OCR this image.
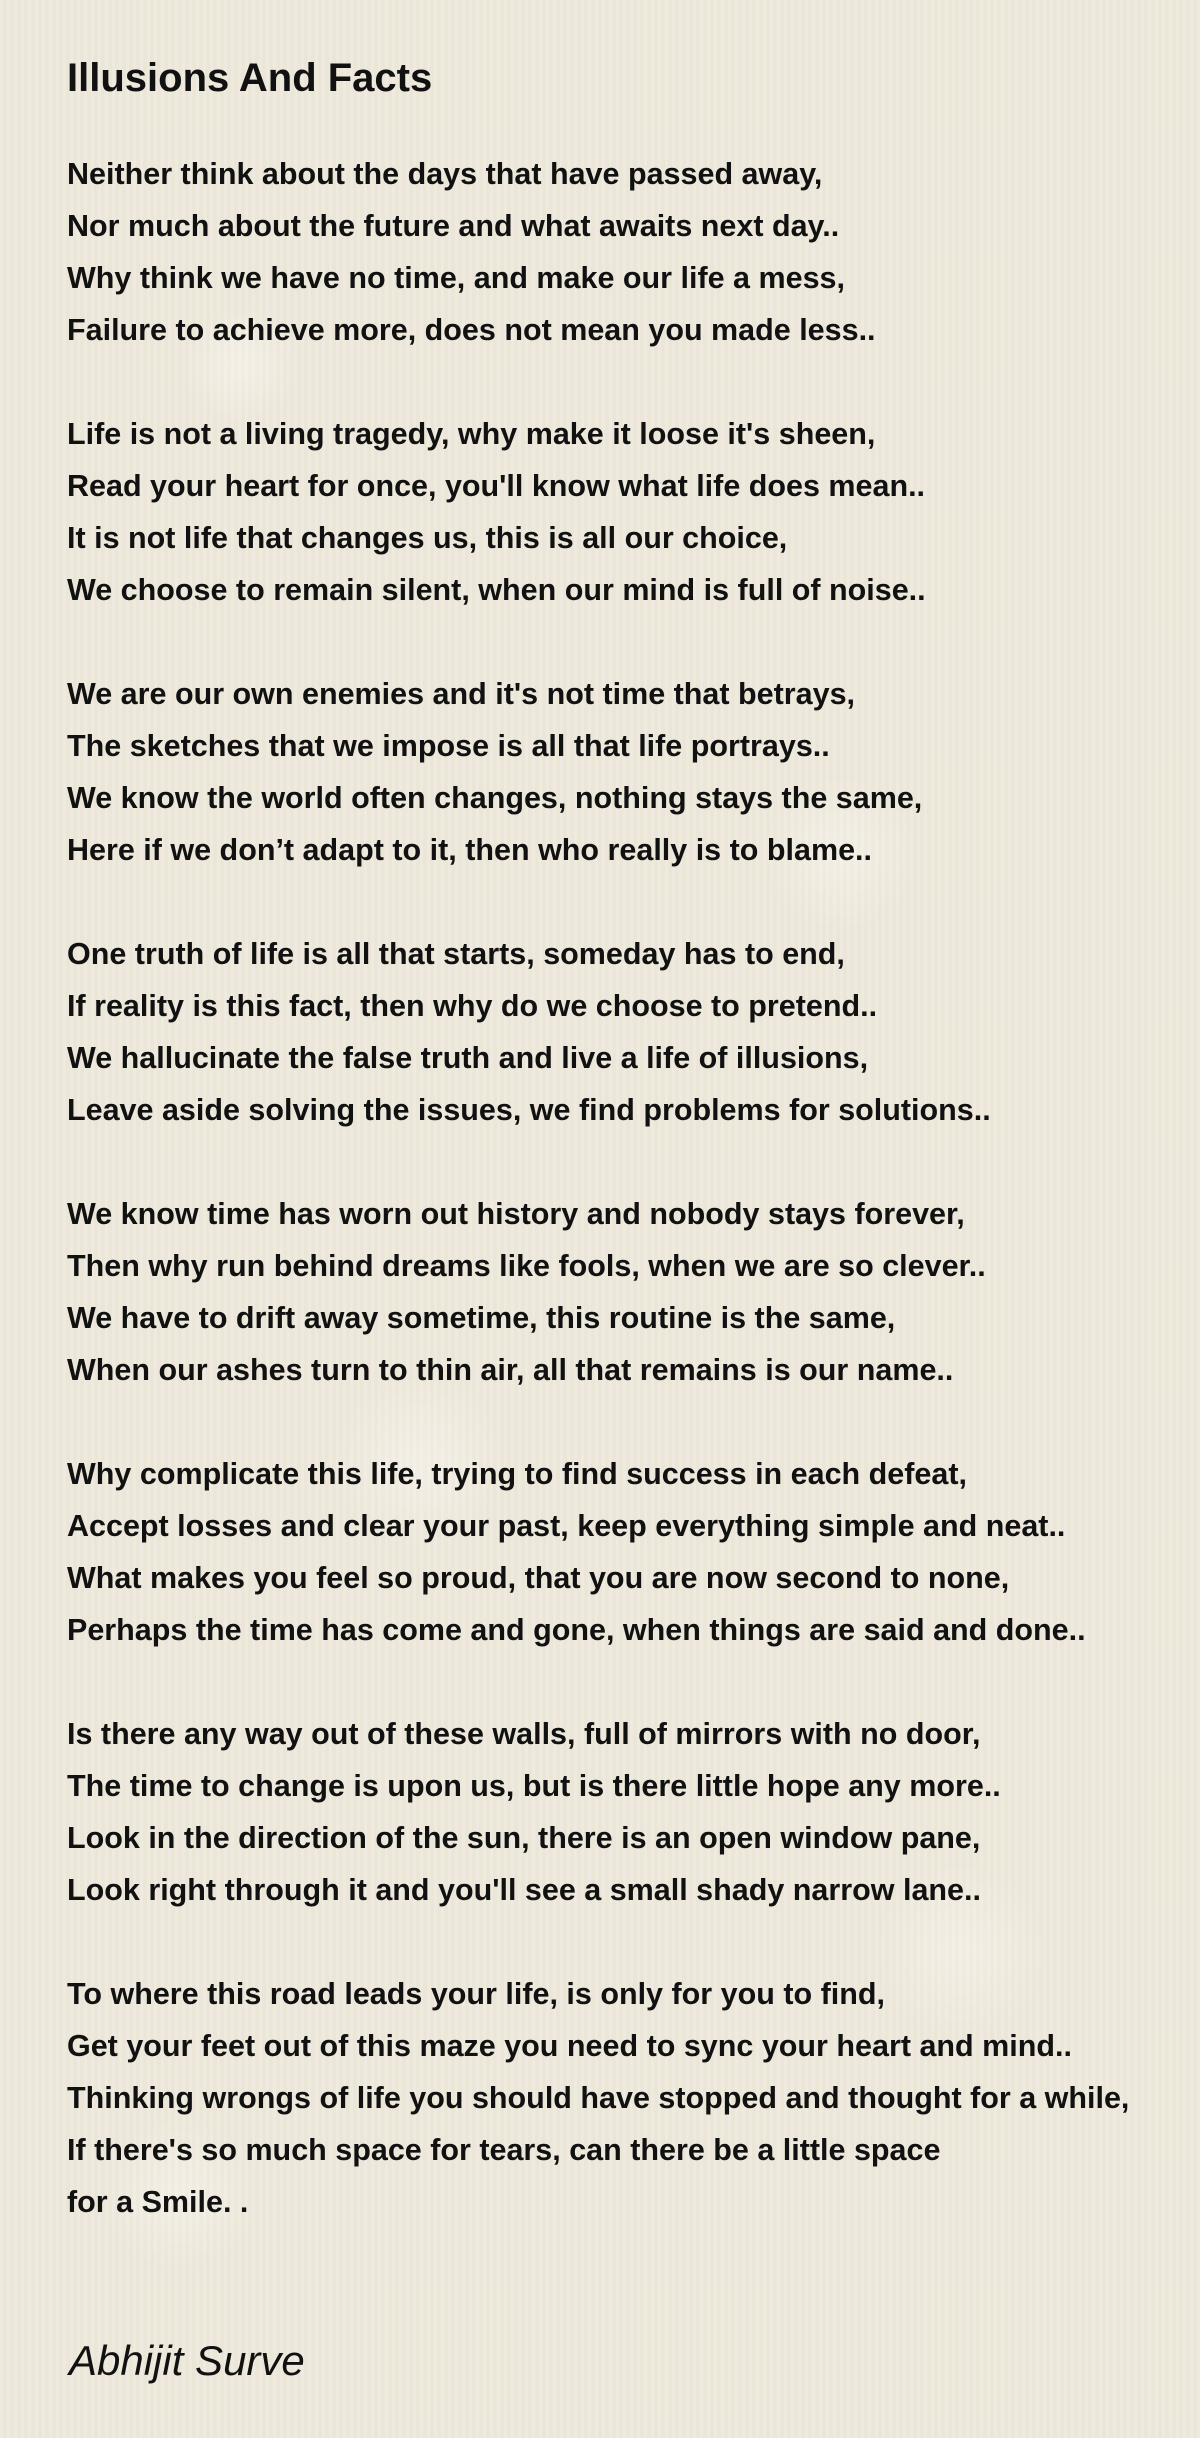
Illusions And Facts
Neither think about the days that have passed away,
Nor much about the future and what awaits next day..
Why think we have no time, and make our life a mess,
Failure to achieve more, does not mean you made less..
Life is not a living tragedy, why make it loose it's sheen,
Read your heart for once, you'll know what life does mean..
It is not life that changes us, this is all our choice,
We choose to remain silent, when our mind is full of noise..
We are our own enemies and it's not time that betrays,
The sketches that we impose is all that life portrays..
We know the world often changes, nothing stays the same,
Here if we don’t adapt to it, then who really is to blame..
One truth of life is all that starts, someday has to end,
If reality is this fact, then why do we choose to pretend..
We hallucinate the false truth and live a life of illusions,
Leave aside solving the issues, we find problems for solutions..
We know time has worn out history and nobody stays forever,
Then why run behind dreams like fools, when we are so clever..
We have to drift away sometime, this routine is the same,
When our ashes turn to thin air, all that remains is our name..
Why complicate this life, trying to find success in each defeat,
Accept losses and clear your past, keep everything simple and neat..
What makes you feel so proud, that you are now second to none,
Perhaps the time has come and gone, when things are said and done..
Is there any way out of these walls, full of mirrors with no door,
The time to change is upon us, but is there little hope any more..
Look in the direction of the sun, there is an open window pane,
Look right through it and you'll see a small shady narrow lane..
To where this road leads your life, is only for you to find,
Get your feet out of this maze you need to sync your heart and mind..
Thinking wrongs of life you should have stopped and thought for a while,
If there's so much space for tears, can there be a little space
for a Smile. .
Abhijit Surve
